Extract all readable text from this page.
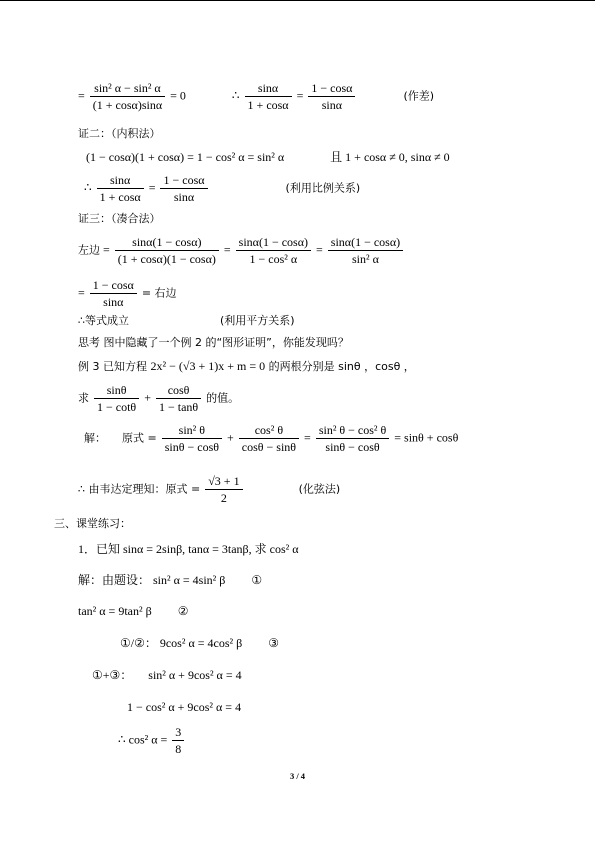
= $\frac{\text{sin² α − sin² α}}{(1 + \cos\alpha)\sin\alpha} = 0$	∴ $\frac{\sin\alpha}{1 + \cos\alpha} = \frac{1 - \cos\alpha}{\sin\alpha}$	(作差)
证二：（内积法）
(1 − cosα)(1 + cosα) = 1 − cos² α = sin² α	且 1 + cosα ≠ 0, sinα ≠ 0
∴ $\frac{\sin\alpha}{1 + \cos\alpha} = \frac{1 - \cos\alpha}{\sin\alpha}$	(利用比例关系)
证三：（凑合法）
左边 = $\frac{\sin\alpha(1 - \cos\alpha)}{(1 + \cos\alpha)(1 - \cos\alpha)} = \frac{\sin\alpha(1 - \cos\alpha)}{\text{1 − cos² α}} = \frac{\sin\alpha(1 - \cos\alpha)}{\text{sin² α}}$
= $\frac{1 - \cos\alpha}{\sin\alpha}$ = 右边
∴等式成立	(利用平方关系)
思考 图中隐藏了一个例 2 的“图形证明”，你能发现吗？
例 3 已知方程 2x² − (√3 + 1)x + m = 0 的两根分别是 sinθ ，cosθ ，
求 $\frac{\sin\theta}{1 - \cot\theta} + \frac{\cos\theta}{1 - \tan\theta}$ 的值。
解： 原式 = $\frac{\text{sin² θ}}{\sin\theta - \cos\theta} + \frac{\text{cos² θ}}{\cos\theta - \sin\theta} = \frac{\text{sin² θ − cos² θ}}{\sin\theta - \cos\theta} = \sin\theta + \cos\theta$
∴ 由韦达定理知：原式 = $\frac{√3 + 1}{2}$	(化弦法)
三、课堂练习：
1．已知 sinα = 2sinβ, tanα = 3tanβ, 求 cos² α
解：由题设： sin² α = 4sin² β ①
tan² α = 9tan² β ②
①/②： 9cos² α = 4cos² β ③
①+③： sin² α + 9cos² α = 4
1 − cos² α + 9cos² α = 4
∴ cos² $\alpha = \frac{3}{8}$
3 / 4
